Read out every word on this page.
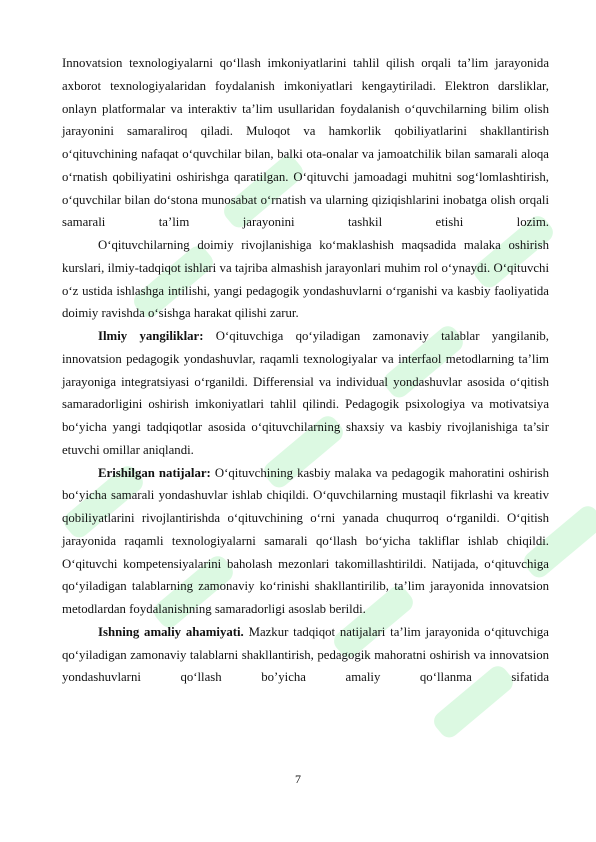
Innovatsion texnologiyalarni qo‘llash imkoniyatlarini tahlil qilish orqali ta’lim jarayonida axborot texnologiyalaridan foydalanish imkoniyatlari kengaytiriladi. Elektron darsliklar, onlayn platformalar va interaktiv ta’lim usullaridan foydalanish o‘quvchilarning bilim olish jarayonini samaraliroq qiladi. Muloqot va hamkorlik qobiliyatlarini shakllantirish o‘qituvchining nafaqat o‘quvchilar bilan, balki ota-onalar va jamoatchilik bilan samarali aloqa o‘rnatish qobiliyatini oshirishga qaratilgan. O‘qituvchi jamoadagi muhitni sog‘lomlashtirish, o‘quvchilar bilan do‘stona munosabat o‘rnatish va ularning qiziqishlarini inobatga olish orqali samarali ta’lim jarayonini tashkil etishi lozim.

O‘qituvchilarning doimiy rivojlanishiga ko‘maklashish maqsadida malaka oshirish kurslari, ilmiy-tadqiqot ishlari va tajriba almashish jarayonlari muhim rol o‘ynaydi. O‘qituvchi o‘z ustida ishlashga intilishi, yangi pedagogik yondashuvlarni o‘rganishi va kasbiy faoliyatida doimiy ravishda o‘sishga harakat qilishi zarur.

Ilmiy yangiliklar: O‘qituvchiga qo‘yiladigan zamonaviy talablar yangilanib, innovatsion pedagogik yondashuvlar, raqamli texnologiyalar va interfaol metodlarning ta’lim jarayoniga integratsiyasi o‘rganildi. Differensial va individual yondashuvlar asosida o‘qitish samaradorligini oshirish imkoniyatlari tahlil qilindi. Pedagogik psixologiya va motivatsiya bo‘yicha yangi tadqiqotlar asosida o‘qituvchilarning shaxsiy va kasbiy rivojlanishiga ta’sir etuvchi omillar aniqlandi.

Erishilgan natijalar: O‘qituvchining kasbiy malaka va pedagogik mahoratini oshirish bo‘yicha samarali yondashuvlar ishlab chiqildi. O‘quvchilarning mustaqil fikrlashi va kreativ qobiliyatlarini rivojlantirishda o‘qituvchining o‘rni yanada chuqurroq o‘rganildi. O‘qitish jarayonida raqamli texnologiyalarni samarali qo‘llash bo‘yicha takliflar ishlab chiqildi. O‘qituvchi kompetensiyalarini baholash mezonlari takomillashtirildi. Natijada, o‘qituvchiga qo‘yiladigan talablarning zamonaviy ko‘rinishi shakllantirilib, ta’lim jarayonida innovatsion metodlardan foydalanishning samaradorligi asoslab berildi.

Ishning amaliy ahamiyati. Mazkur tadqiqot natijalari ta’lim jarayonida o‘qituvchiga qo‘yiladigan zamonaviy talablarni shakllantirish, pedagogik mahoratni oshirish va innovatsion yondashuvlarni qo‘llash bo’yicha amaliy qo‘llanma sifatida

7
